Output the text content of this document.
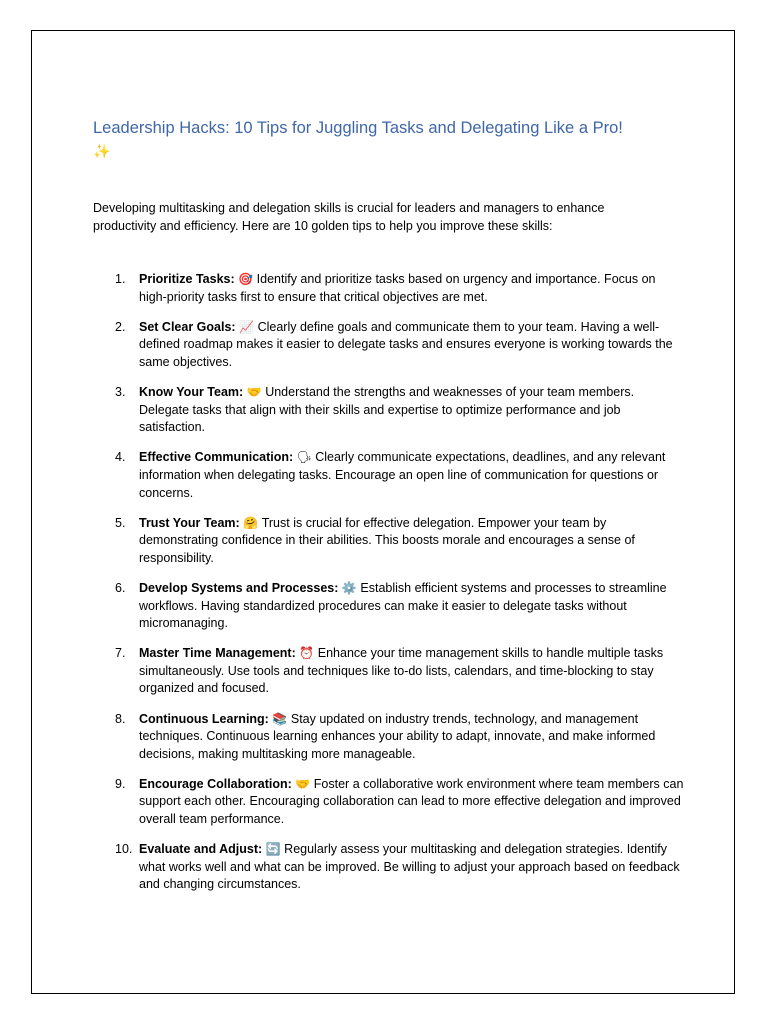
Leadership Hacks: 10 Tips for Juggling Tasks and Delegating Like a Pro!
✨

Developing multitasking and delegation skills is crucial for leaders and managers to enhance productivity and efficiency. Here are 10 golden tips to help you improve these skills:

1. Prioritize Tasks: 🎯 Identify and prioritize tasks based on urgency and importance. Focus on high-priority tasks first to ensure that critical objectives are met.
2. Set Clear Goals: 📈 Clearly define goals and communicate them to your team. Having a well-defined roadmap makes it easier to delegate tasks and ensures everyone is working towards the same objectives.
3. Know Your Team: 🤝 Understand the strengths and weaknesses of your team members. Delegate tasks that align with their skills and expertise to optimize performance and job satisfaction.
4. Effective Communication: 🗣 Clearly communicate expectations, deadlines, and any relevant information when delegating tasks. Encourage an open line of communication for questions or concerns.
5. Trust Your Team: 🤗 Trust is crucial for effective delegation. Empower your team by demonstrating confidence in their abilities. This boosts morale and encourages a sense of responsibility.
6. Develop Systems and Processes: ⚙️ Establish efficient systems and processes to streamline workflows. Having standardized procedures can make it easier to delegate tasks without micromanaging.
7. Master Time Management: ⏰ Enhance your time management skills to handle multiple tasks simultaneously. Use tools and techniques like to-do lists, calendars, and time-blocking to stay organized and focused.
8. Continuous Learning: 📚 Stay updated on industry trends, technology, and management techniques. Continuous learning enhances your ability to adapt, innovate, and make informed decisions, making multitasking more manageable.
9. Encourage Collaboration: 🤝 Foster a collaborative work environment where team members can support each other. Encouraging collaboration can lead to more effective delegation and improved overall team performance.
10. Evaluate and Adjust: 🔄 Regularly assess your multitasking and delegation strategies. Identify what works well and what can be improved. Be willing to adjust your approach based on feedback and changing circumstances.
